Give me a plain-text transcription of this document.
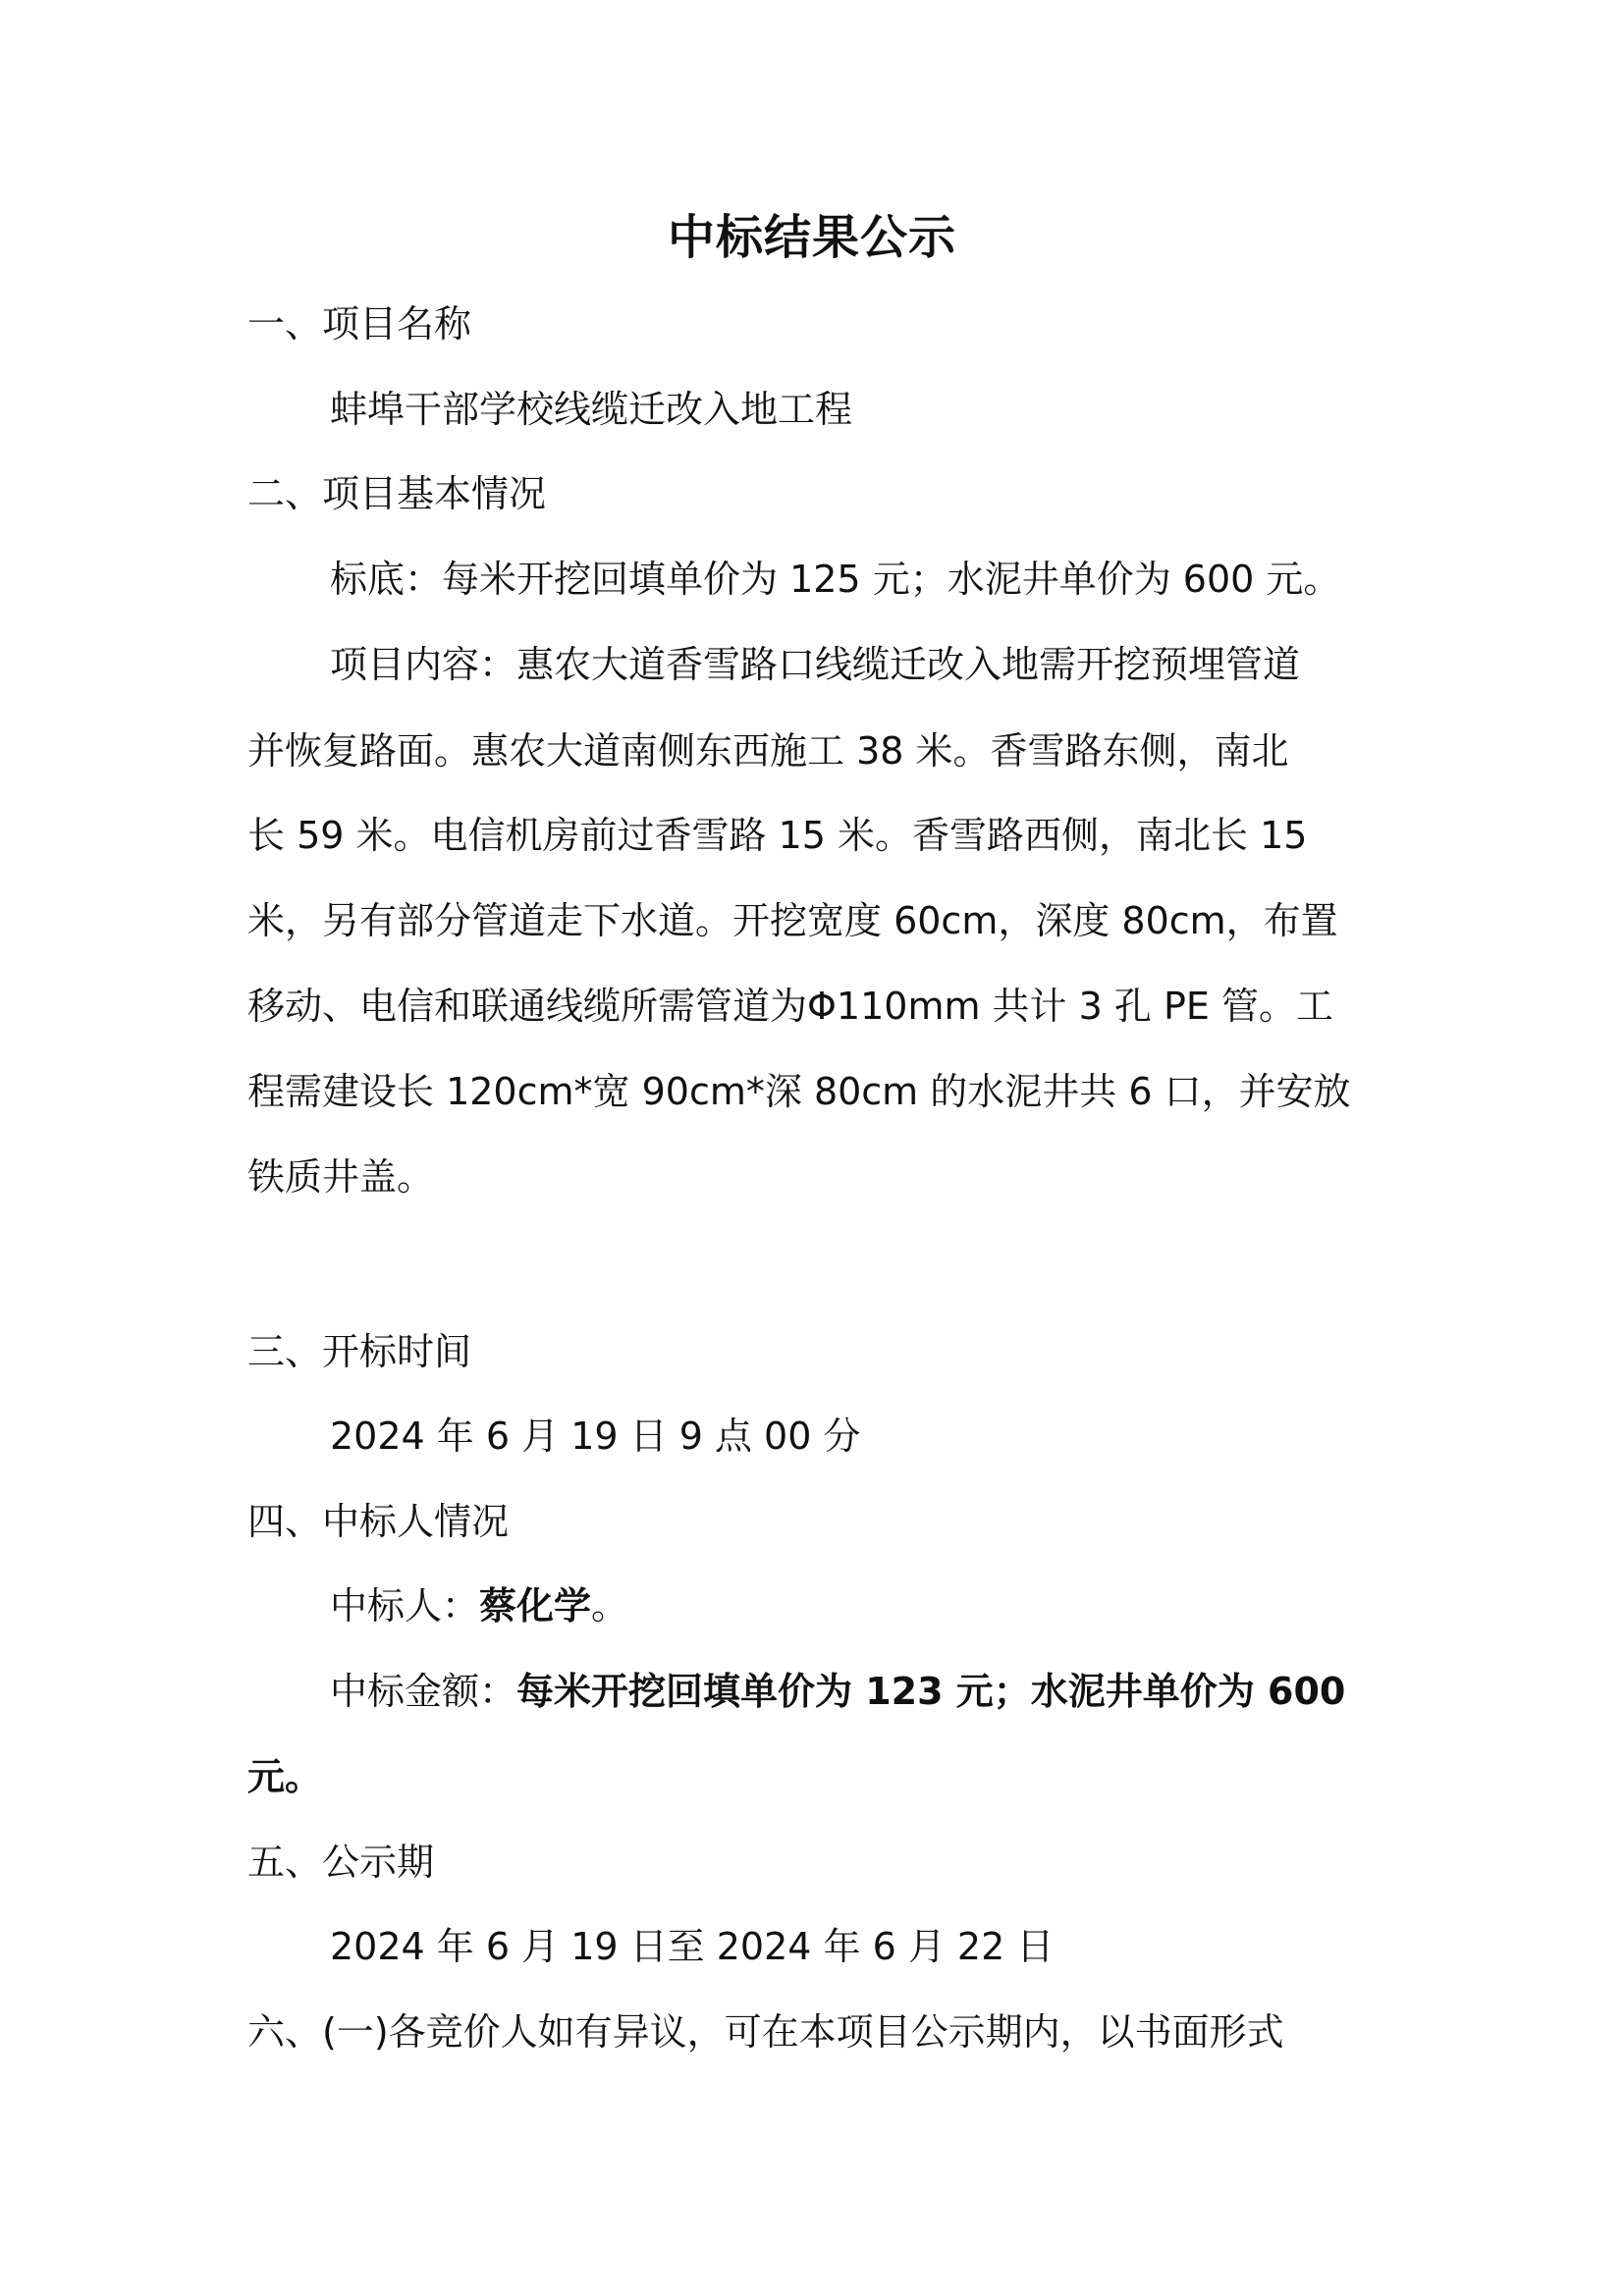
中标结果公示
一、项目名称
蚌埠干部学校线缆迁改入地工程
二、项目基本情况
标底：每米开挖回填单价为 125 元；水泥井单价为 600 元。
项目内容：惠农大道香雪路口线缆迁改入地需开挖预埋管道
并恢复路面。惠农大道南侧东西施工 38 米。香雪路东侧，南北
长 59 米。电信机房前过香雪路 15 米。香雪路西侧，南北长 15
米，另有部分管道走下水道。开挖宽度 60cm，深度 80cm，布置
移动、电信和联通线缆所需管道为Φ110mm 共计 3 孔 PE 管。工
程需建设长 120cm*宽 90cm*深 80cm 的水泥井共 6 口，并安放
铁质井盖。
三、开标时间
2024 年 6 月 19 日 9 点 00 分
四、中标人情况
中标人：蔡化学。
中标金额：每米开挖回填单价为 123 元；水泥井单价为 600
元。
五、公示期
2024 年 6 月 19 日至 2024 年 6 月 22 日
六、(一)各竞价人如有异议，可在本项目公示期内，以书面形式
